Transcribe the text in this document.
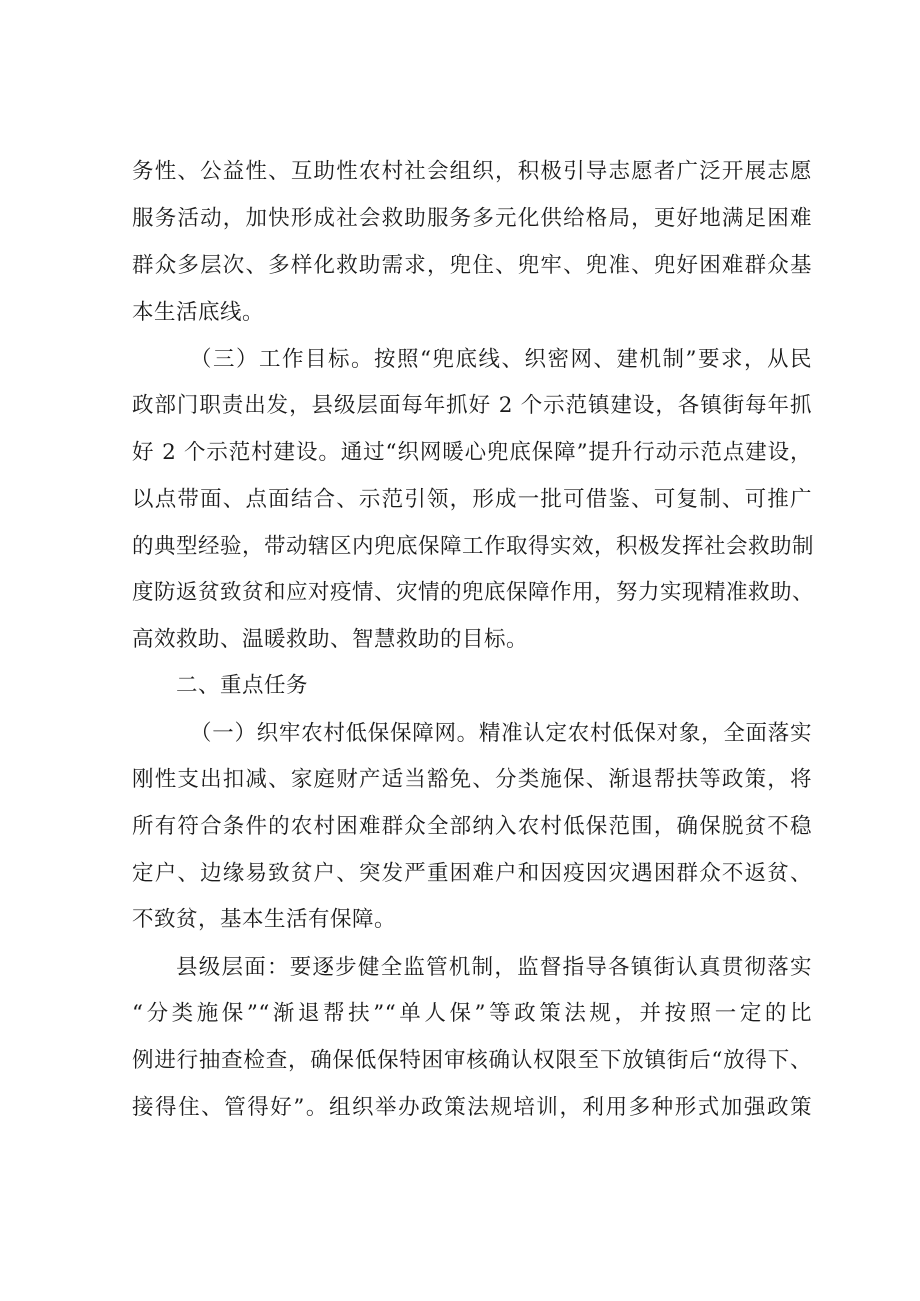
务性、公益性、互助性农村社会组织，积极引导志愿者广泛开展志愿
服务活动，加快形成社会救助服务多元化供给格局，更好地满足困难
群众多层次、多样化救助需求，兜住、兜牢、兜准、兜好困难群众基
本生活底线。
（三）工作目标。按照“兜底线、织密网、建机制”要求，从民
政部门职责出发，县级层面每年抓好 2 个示范镇建设，各镇街每年抓
好 2 个示范村建设。通过“织网暖心兜底保障”提升行动示范点建设，
以点带面、点面结合、示范引领，形成一批可借鉴、可复制、可推广
的典型经验，带动辖区内兜底保障工作取得实效，积极发挥社会救助制
度防返贫致贫和应对疫情、灾情的兜底保障作用，努力实现精准救助、
高效救助、温暖救助、智慧救助的目标。
二、重点任务
（一）织牢农村低保保障网。精准认定农村低保对象，全面落实
刚性支出扣减、家庭财产适当豁免、分类施保、渐退帮扶等政策，将
所有符合条件的农村困难群众全部纳入农村低保范围，确保脱贫不稳
定户、边缘易致贫户、突发严重困难户和因疫因灾遇困群众不返贫、
不致贫，基本生活有保障。
县级层面：要逐步健全监管机制，监督指导各镇街认真贯彻落实
“分类施保”“渐退帮扶”“单人保”等政策法规，并按照一定的比
例进行抽查检查，确保低保特困审核确认权限至下放镇街后“放得下、
接得住、管得好”。组织举办政策法规培训，利用多种形式加强政策
